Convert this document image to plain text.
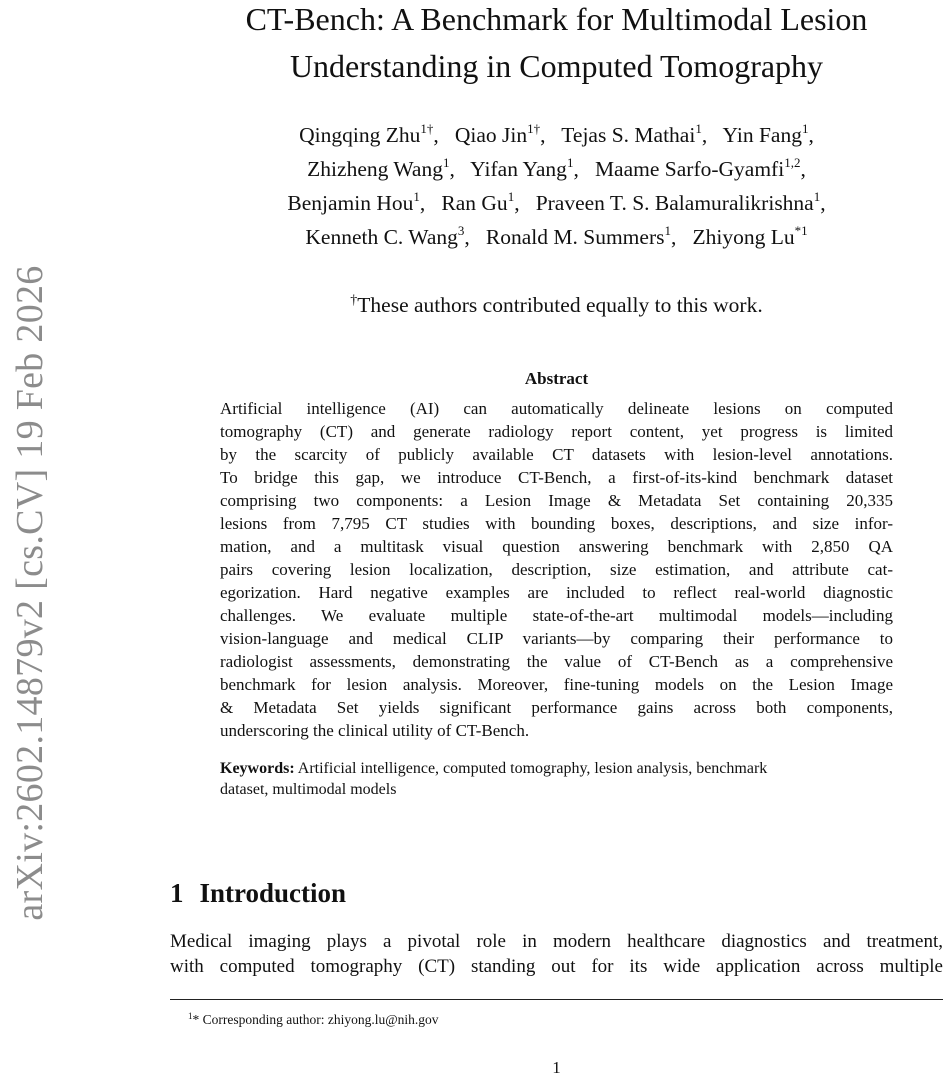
arXiv:2602.14879v2 [cs.CV] 19 Feb 2026
CT-Bench: A Benchmark for Multimodal Lesion
Understanding in Computed Tomography
Qingqing Zhu$^{1\dagger}$,   Qiao Jin$^{1\dagger}$,   Tejas S. Mathai$^1$,   Yin Fang$^1$,
Zhizheng Wang$^1$,   Yifan Yang$^1$,   Maame Sarfo-Gyamfi$^{1,2}$,
Benjamin Hou$^1$,   Ran Gu$^1$,   Praveen T. S. Balamuralikrishna$^1$,
Kenneth C. Wang$^3$,   Ronald M. Summers$^1$,   Zhiyong Lu$^{*1}$
†These authors contributed equally to this work.
Abstract
Artificial intelligence (AI) can automatically delineate lesions on computed
tomography (CT) and generate radiology report content, yet progress is limited
by the scarcity of publicly available CT datasets with lesion-level annotations.
To bridge this gap, we introduce CT-Bench, a first-of-its-kind benchmark dataset
comprising two components: a Lesion Image & Metadata Set containing 20,335
lesions from 7,795 CT studies with bounding boxes, descriptions, and size infor-
mation, and a multitask visual question answering benchmark with 2,850 QA
pairs covering lesion localization, description, size estimation, and attribute cat-
egorization. Hard negative examples are included to reflect real-world diagnostic
challenges. We evaluate multiple state-of-the-art multimodal models—including
vision-language and medical CLIP variants—by comparing their performance to
radiologist assessments, demonstrating the value of CT-Bench as a comprehensive
benchmark for lesion analysis. Moreover, fine-tuning models on the Lesion Image
& Metadata Set yields significant performance gains across both components,
underscoring the clinical utility of CT-Bench.
Keywords: Artificial intelligence, computed tomography, lesion analysis, benchmark
dataset, multimodal models
1 Introduction
Medical imaging plays a pivotal role in modern healthcare diagnostics and treatment,
with computed tomography (CT) standing out for its wide application across multiple
$^1$* Corresponding author: zhiyong.lu@nih.gov
1
